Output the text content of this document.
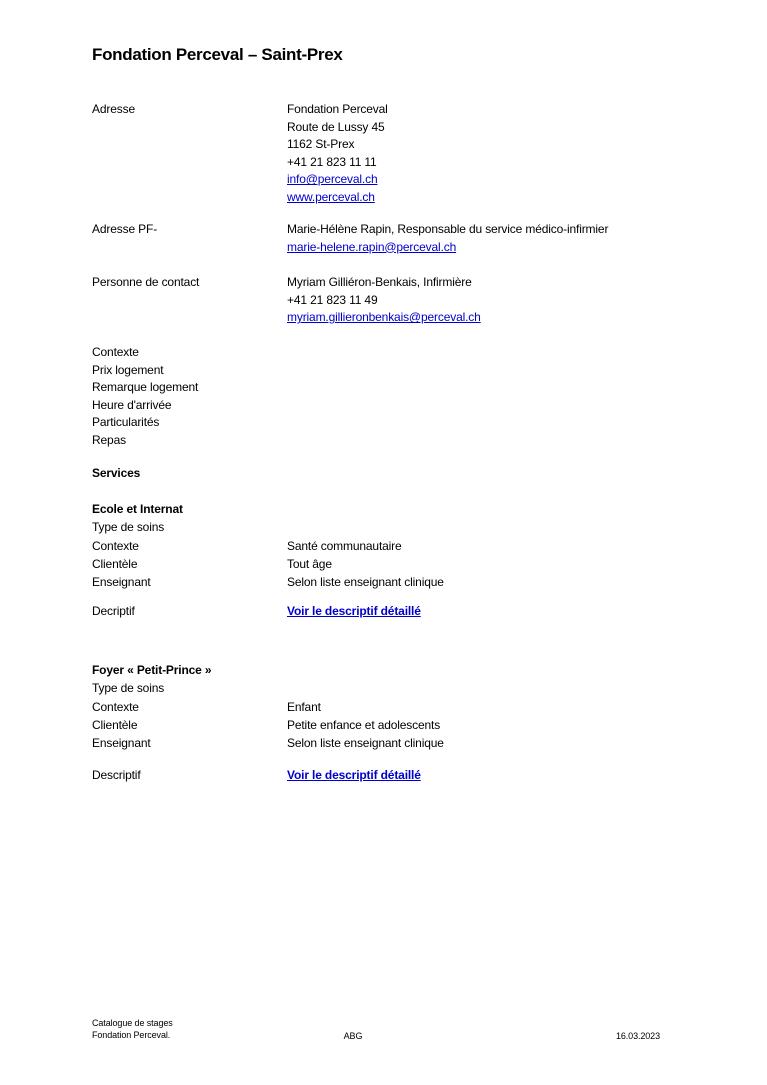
Fondation Perceval – Saint-Prex
Adresse	Fondation Perceval
Route de Lussy 45
1162 St-Prex
+41 21 823 11 11
info@perceval.ch
www.perceval.ch
Adresse PF-	Marie-Hélène Rapin, Responsable du service médico-infirmier
marie-helene.rapin@perceval.ch
Personne de contact	Myriam Gilliéron-Benkais, Infirmière
+41 21 823 11 49
myriam.gillieronbenkais@perceval.ch
Contexte
Prix logement
Remarque logement
Heure d'arrivée
Particularités
Repas
Services
Ecole et Internat
Type de soins
Contexte	Santé communautaire
Clientèle	Tout âge
Enseignant	Selon liste enseignant clinique
Decriptif	Voir le descriptif détaillé
Foyer « Petit-Prince »
Type de soins
Contexte	Enfant
Clientèle	Petite enfance et adolescents
Enseignant	Selon liste enseignant clinique
Descriptif	Voir le descriptif détaillé
Catalogue de stages
Fondation Perceval.	ABG	16.03.2023
